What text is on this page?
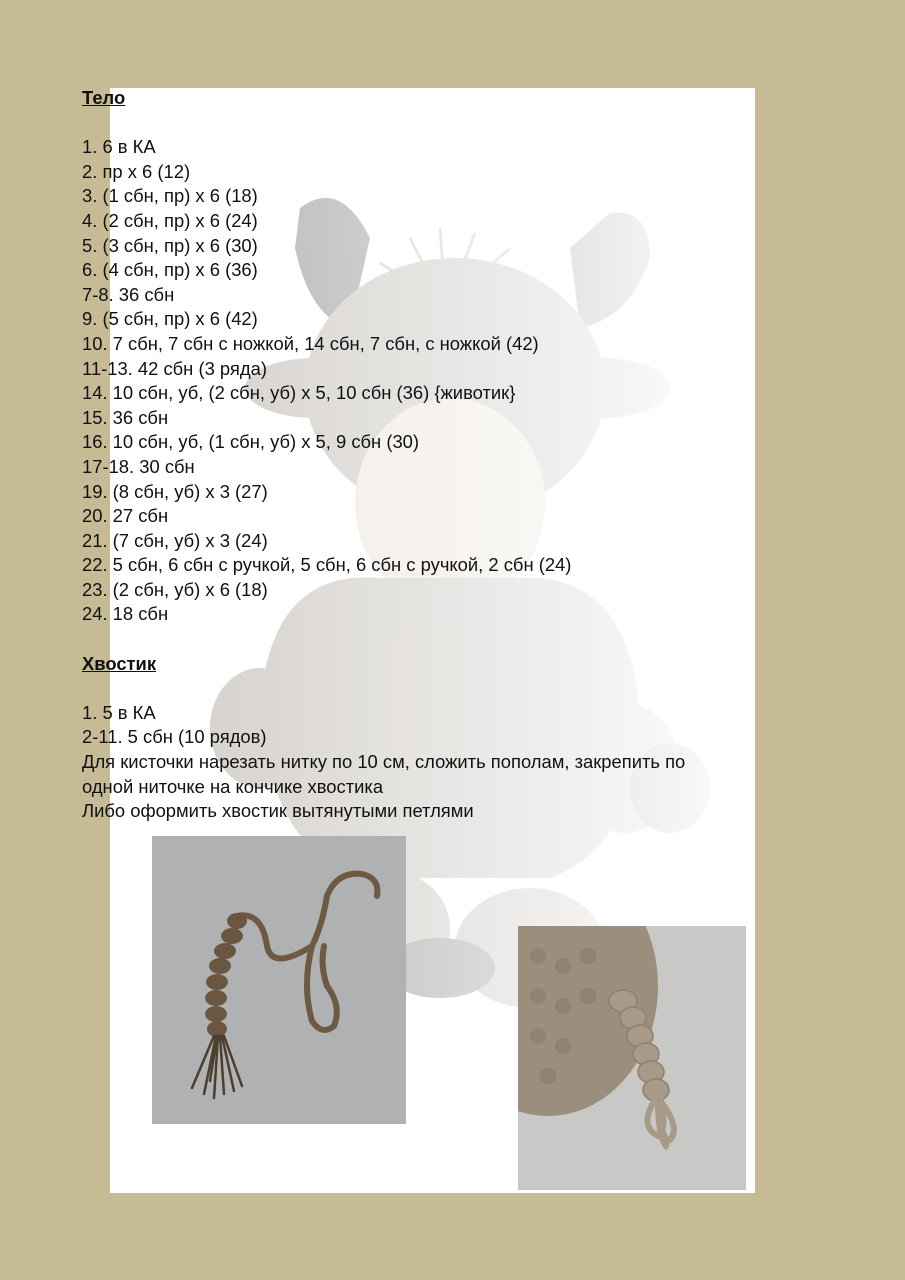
Тело
1. 6 в КА
2. пр х 6 (12)
3. (1 сбн, пр) х 6 (18)
4. (2 сбн, пр) х 6 (24)
5. (3 сбн, пр) х 6 (30)
6. (4 сбн, пр) х 6 (36)
7-8. 36 сбн
9. (5 сбн, пр) х 6 (42)
10. 7 сбн, 7 сбн с ножкой, 14 сбн, 7 сбн, с ножкой (42)
11-13. 42 сбн (3 ряда)
14. 10 сбн, уб, (2 сбн, уб) х 5, 10 сбн (36) {животик}
15. 36 сбн
16. 10 сбн, уб, (1 сбн, уб) х 5, 9 сбн (30)
17-18. 30 сбн
19. (8 сбн, уб) х 3 (27)
20. 27 сбн
21. (7 сбн, уб) х 3 (24)
22. 5 сбн, 6 сбн с ручкой, 5 сбн, 6 сбн с ручкой, 2 сбн (24)
23. (2 сбн, уб) х 6 (18)
24. 18 сбн
Хвостик
1. 5 в КА
2-11. 5 сбн (10 рядов)

Для кисточки нарезать нитку по 10 см, сложить пополам, закрепить по

одной ниточке на кончике хвостика

Либо оформить хвостик вытянутыми петлями
